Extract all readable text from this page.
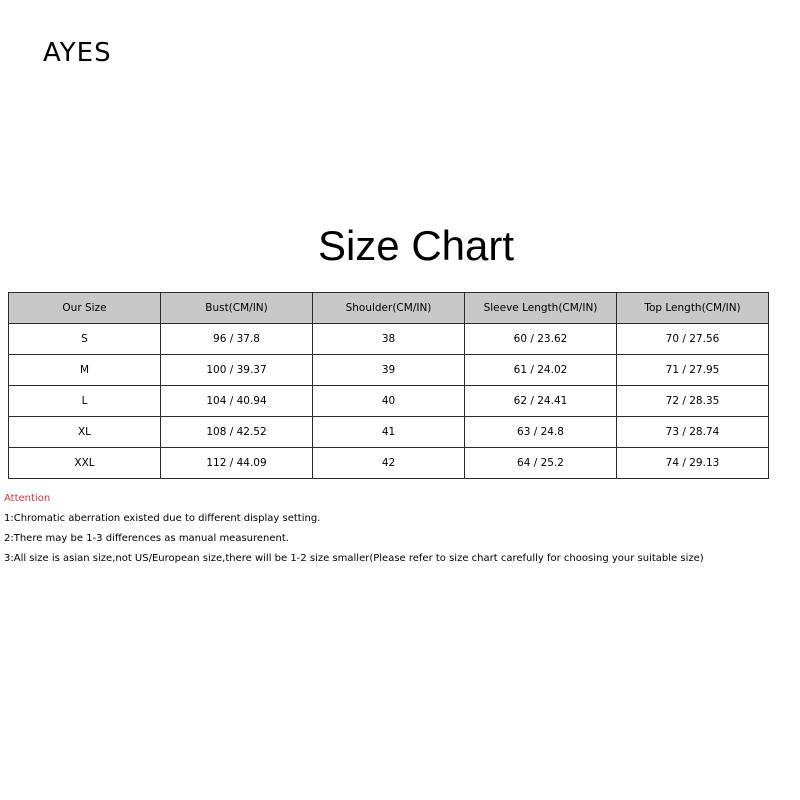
AYES
Size Chart
Our Size	Bust(CM/IN)	Shoulder(CM/IN)	Sleeve Length(CM/IN)	Top Length(CM/IN)
S	96 / 37.8	38	60 / 23.62	70 / 27.56
M	100 / 39.37	39	61 / 24.02	71 / 27.95
L	104 / 40.94	40	62 / 24.41	72 / 28.35
XL	108 / 42.52	41	63 / 24.8	73 / 28.74
XXL	112 / 44.09	42	64 / 25.2	74 / 29.13
Attention
1:Chromatic aberration existed due to different display setting.
2:There may be 1-3 differences as manual measurenent.
3:All size is asian size,not US/European size,there will be 1-2 size smaller(Please refer to size chart carefully for choosing your suitable size)
